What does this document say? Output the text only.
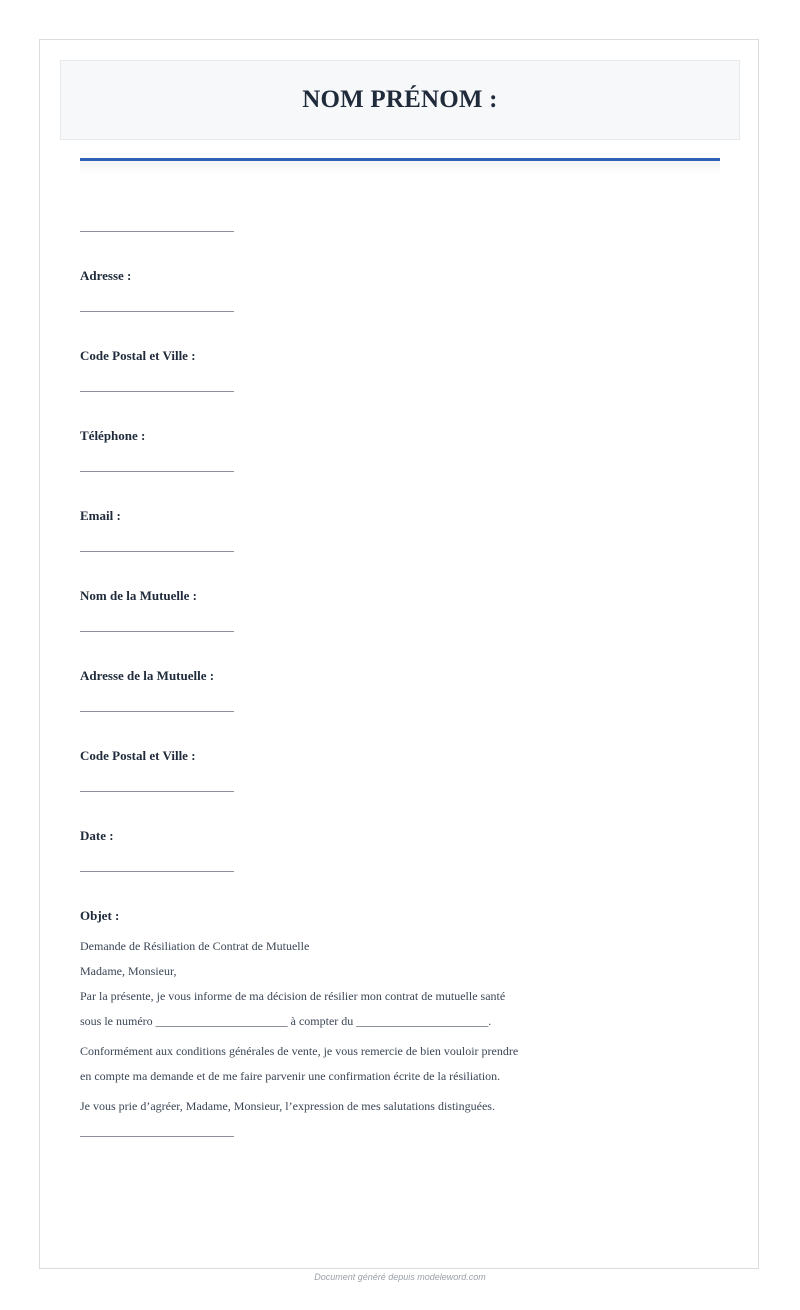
NOM PRÉNOM :
Adresse :
Code Postal et Ville :
Téléphone :
Email :
Nom de la Mutuelle :
Adresse de la Mutuelle :
Code Postal et Ville :
Date :
Objet :
Demande de Résiliation de Contrat de Mutuelle
Madame, Monsieur,
Par la présente, je vous informe de ma décision de résilier mon contrat de mutuelle santé
sous le numéro ______________________ à compter du ______________________.
Conformément aux conditions générales de vente, je vous remercie de bien vouloir prendre
en compte ma demande et de me faire parvenir une confirmation écrite de la résiliation.
Je vous prie d’agréer, Madame, Monsieur, l’expression de mes salutations distinguées.
Document généré depuis modeleword.com
